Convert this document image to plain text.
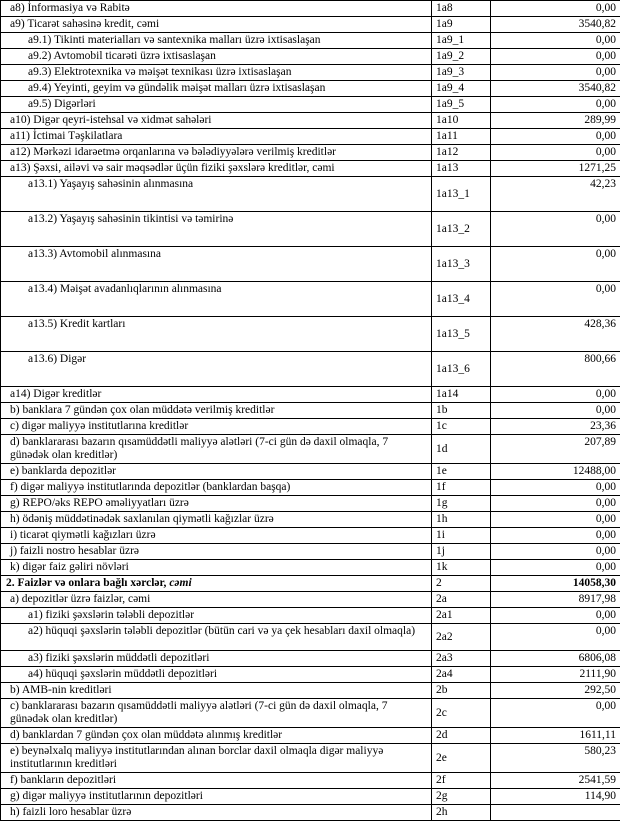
a8) İnformasiya və Rabitə	1a8	0,00
a9) Ticarət sahəsinə kredit, cəmi	1a9	3540,82
a9.1) Tikinti materialları və santexnika malları üzrə ixtisaslaşan	1a9_1	0,00
a9.2) Avtomobil ticarəti üzrə ixtisaslaşan	1a9_2	0,00
a9.3) Elektrotexnika və məişət texnikası üzrə ixtisaslaşan	1a9_3	0,00
a9.4) Yeyinti, geyim və gündəlik məişət malları üzrə ixtisaslaşan	1a9_4	3540,82
a9.5) Digərləri	1a9_5	0,00
a10) Digər qeyri-istehsal və xidmət sahələri	1a10	289,99
a11) İctimai Təşkilatlara	1a11	0,00
a12) Mərkəzi idarəetmə orqanlarına və bələdiyyələrə verilmiş kreditlər	1a12	0,00
a13) Şəxsi, ailəvi və sair məqsədlər üçün fiziki şəxslərə kreditlər, cəmi	1a13	1271,25
a13.1) Yaşayış sahəsinin alınmasına	1a13_1	42,23
a13.2) Yaşayış sahəsinin tikintisi və təmirinə	1a13_2	0,00
a13.3) Avtomobil alınmasına	1a13_3	0,00
a13.4) Məişət avadanlıqlarının alınmasına	1a13_4	0,00
a13.5) Kredit kartları	1a13_5	428,36
a13.6) Digər	1a13_6	800,66
a14) Digər kreditlər	1a14	0,00
b) banklara 7 gündən çox olan müddətə verilmiş kreditlər	1b	0,00
c) digər maliyyə institutlarına kreditlər	1c	23,36
d) banklararası bazarın qısamüddətli maliyyə alətləri (7-ci gün də daxil olmaqla, 7 günədək olan kreditlər)	1d	207,89
e) banklarda depozitlər	1e	12488,00
f) digər maliyyə institutlarında depozitlər (banklardan başqa)	1f	0,00
g) REPO/əks REPO əməliyyatları üzrə	1g	0,00
h) ödəniş müddətinədək saxlanılan qiymətli kağızlar üzrə	1h	0,00
i) ticarət qiymətli kağızları üzrə	1i	0,00
j) faizli nostro hesablar üzrə	1j	0,00
k) digər faiz gəliri növləri	1k	0,00
2. Faizlər və onlara bağlı xərclər, cəmi	2	14058,30
a) depozitlər üzrə faizlər, cəmi	2a	8917,98
a1) fiziki şəxslərin tələbli depozitlər	2a1	0,00
a2) hüquqi şəxslərin tələbli depozitlər (bütün cari və ya çek hesabları daxil olmaqla)	2a2	0,00
a3) fiziki şəxslərin müddətli depozitləri	2a3	6806,08
a4) hüquqi şəxslərin müddətli depozitləri	2a4	2111,90
b) AMB-nin kreditləri	2b	292,50
c) banklararası bazarın qısamüddətli maliyyə alətləri (7-ci gün də daxil olmaqla, 7 günədək olan kreditlər)	2c	0,00
d) banklardan 7 gündən çox olan müddətə alınmış kreditlər	2d	1611,11
e) beynəlxalq maliyyə institutlarından alınan borclar daxil olmaqla digər maliyyə institutlarının kreditləri	2e	580,23
f) bankların depozitləri	2f	2541,59
g) digər maliyyə institutlarının depozitləri	2g	114,90
h) faizli loro hesablar üzrə	2h	
